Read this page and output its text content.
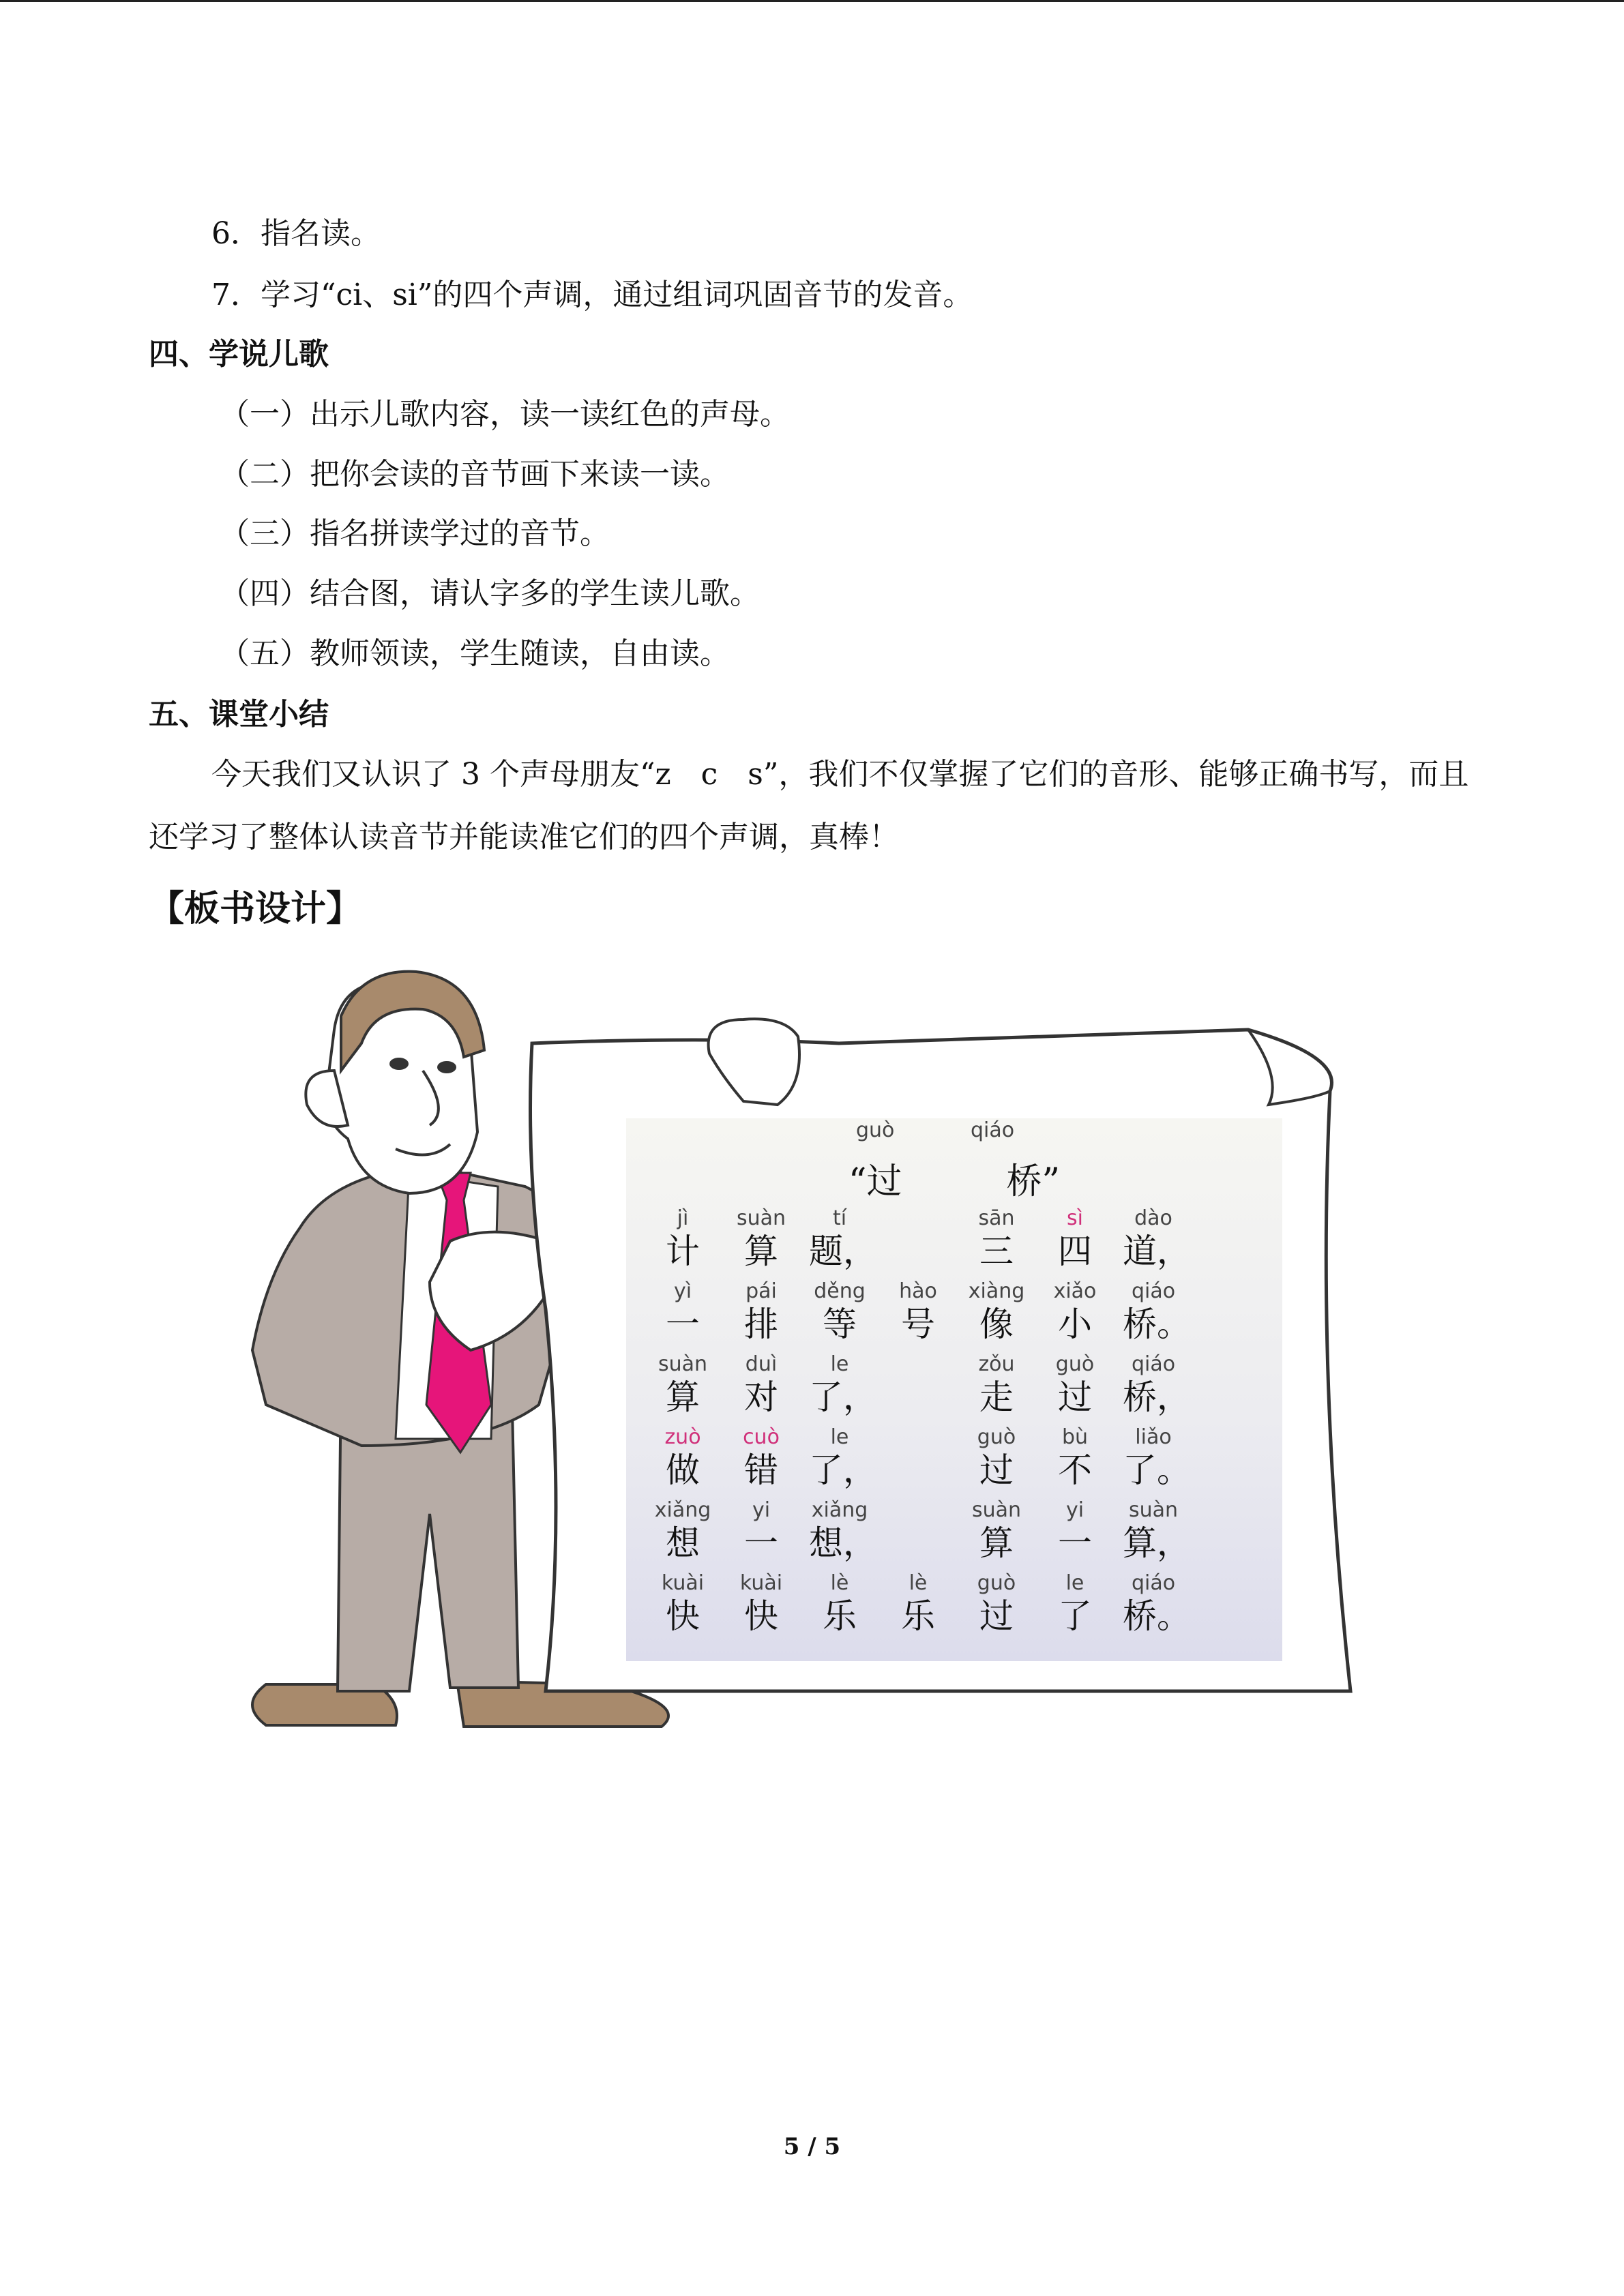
6．指名读。
7．学习“ci、si”的四个声调，通过组词巩固音节的发音。
四、学说儿歌
（一）出示儿歌内容，读一读红色的声母。
（二）把你会读的音节画下来读一读。
（三）指名拼读学过的音节。
（四）结合图，请认字多的学生读儿歌。
（五）教师领读，学生随读，自由读。
五、课堂小结
今天我们又认识了 3 个声母朋友“z　c　s”，我们不仅掌握了它们的音形、能够正确书写，而且还学习了整体认读音节并能读准它们的四个声调，真棒！
【板书设计】
guò	qiáo
“过	桥”
jì
计
suàn
算
tí
题，
sān
三
sì
四
dào
道，
yì
一
pái
排
děng
等
hào
号
xiàng
像
xiǎo
小
qiáo
桥。
suàn
算
duì
对
le
了，
zǒu
走
guò
过
qiáo
桥，
zuò
做
cuò
错
le
了，
guò
过
bù
不
liǎo
了。
xiǎng
想
yi
一
xiǎng
想，
suàn
算
yi
一
suàn
算，
kuài
快
kuài
快
lè
乐
lè
乐
guò
过
le
了
qiáo
桥。
5 / 5
